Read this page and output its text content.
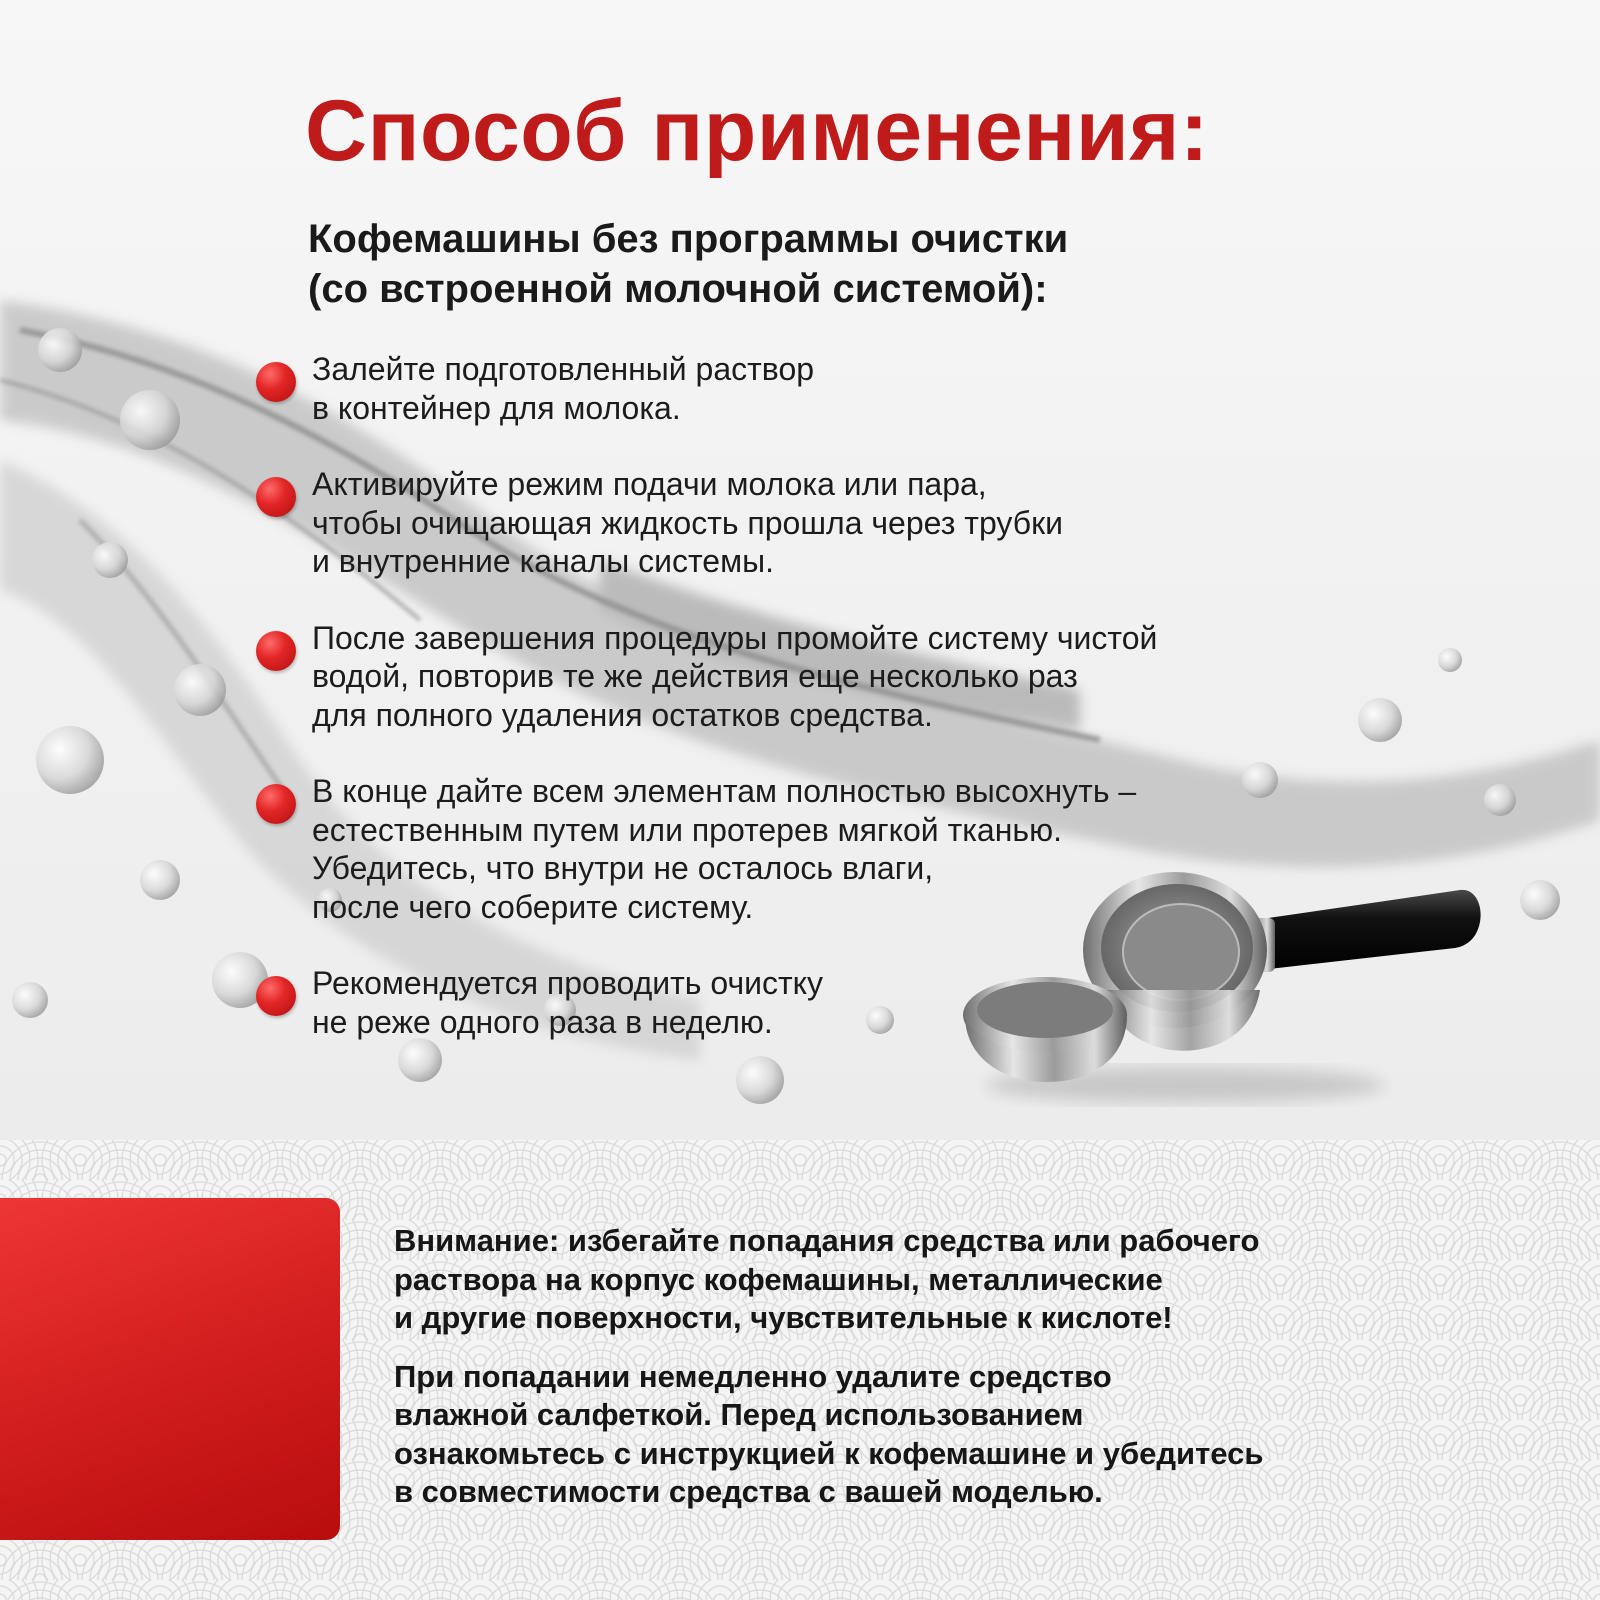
Способ применения:
Кофемашины без программы очистки
(со встроенной молочной системой):
Залейте подготовленный раствор
в контейнер для молока.
Активируйте режим подачи молока или пара,
чтобы очищающая жидкость прошла через трубки
и внутренние каналы системы.
После завершения процедуры промойте систему чистой
водой, повторив те же действия еще несколько раз
для полного удаления остатков средства.
В конце дайте всем элементам полностью высохнуть –
естественным путем или протерев мягкой тканью.
Убедитесь, что внутри не осталось влаги,
после чего соберите систему.
Рекомендуется проводить очистку
не реже одного раза в неделю.

Внимание: избегайте попадания средства или рабочего
раствора на корпус кофемашины, металлические
и другие поверхности, чувствительные к кислоте!

При попадании немедленно удалите средство
влажной салфеткой. Перед использованием
ознакомьтесь с инструкцией к кофемашине и убедитесь
в совместимости средства с вашей моделью.
